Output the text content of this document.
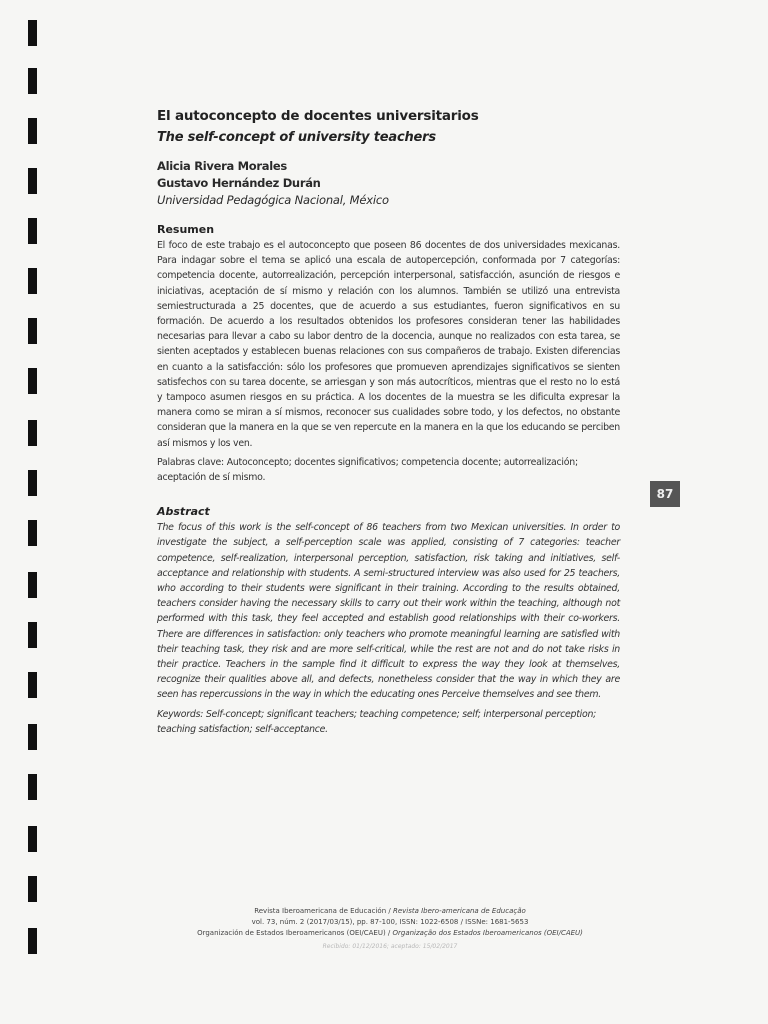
El autoconcepto de docentes universitarios
The self-concept of university teachers

Alicia Rivera Morales

Gustavo Hernández Durán

Universidad Pedagógica Nacional, México

Resumen

El foco de este trabajo es el autoconcepto que poseen 86 docentes de dos universidades mexicanas. Para indagar sobre el tema se aplicó una escala de autopercepción, conformada por 7 categorías: competencia docente, autorrealización, percepción interpersonal, satisfacción, asunción de riesgos e iniciativas, aceptación de sí mismo y relación con los alumnos. También se utilizó una entrevista semiestructurada a 25 docentes, que de acuerdo a sus estudiantes, fueron significativos en su formación. De acuerdo a los resultados obtenidos los profesores consideran tener las habilidades necesarias para llevar a cabo su labor dentro de la docencia, aunque no realizados con esta tarea, se sienten aceptados y establecen buenas relaciones con sus compañeros de trabajo. Existen diferencias en cuanto a la satisfacción: sólo los profesores que promueven aprendizajes significativos se sienten satisfechos con su tarea docente, se arriesgan y son más autocríticos, mientras que el resto no lo está y tampoco asumen riesgos en su práctica. A los docentes de la muestra se les dificulta expresar la manera como se miran a sí mismos, reconocer sus cualidades sobre todo, y los defectos, no obstante consideran que la manera en la que se ven repercute en la manera en la que los educando se perciben así mismos y los ven.

Palabras clave: Autoconcepto; docentes significativos; competencia docente; autorrealización; aceptación de sí mismo.

Abstract

The focus of this work is the self-concept of 86 teachers from two Mexican universities. In order to investigate the subject, a self-perception scale was applied, consisting of 7 categories: teacher competence, self-realization, interpersonal perception, satisfaction, risk taking and initiatives, self-acceptance and relationship with students. A semi-structured interview was also used for 25 teachers, who according to their students were significant in their training. According to the results obtained, teachers consider having the necessary skills to carry out their work within the teaching, although not performed with this task, they feel accepted and establish good relationships with their co-workers. There are differences in satisfaction: only teachers who promote meaningful learning are satisfied with their teaching task, they risk and are more self-critical, while the rest are not and do not take risks in their practice. Teachers in the sample find it difficult to express the way they look at themselves, recognize their qualities above all, and defects, nonetheless consider that the way in which they are seen has repercussions in the way in which the educating ones Perceive themselves and see them.

Keywords: Self-concept; significant teachers; teaching competence; self; interpersonal perception; teaching satisfaction; self-acceptance.

87
Revista Iberoamericana de Educación / Revista Ibero-americana de Educação
vol. 73, núm. 2 (2017/03/15), pp. 87-100, ISSN: 1022-6508 / ISSNe: 1681-5653
Organización de Estados Iberoamericanos (OEI/CAEU) / Organização dos Estados Iberoamericanos (OEI/CAEU)
Recibido: 01/12/2016; aceptado: 15/02/2017
